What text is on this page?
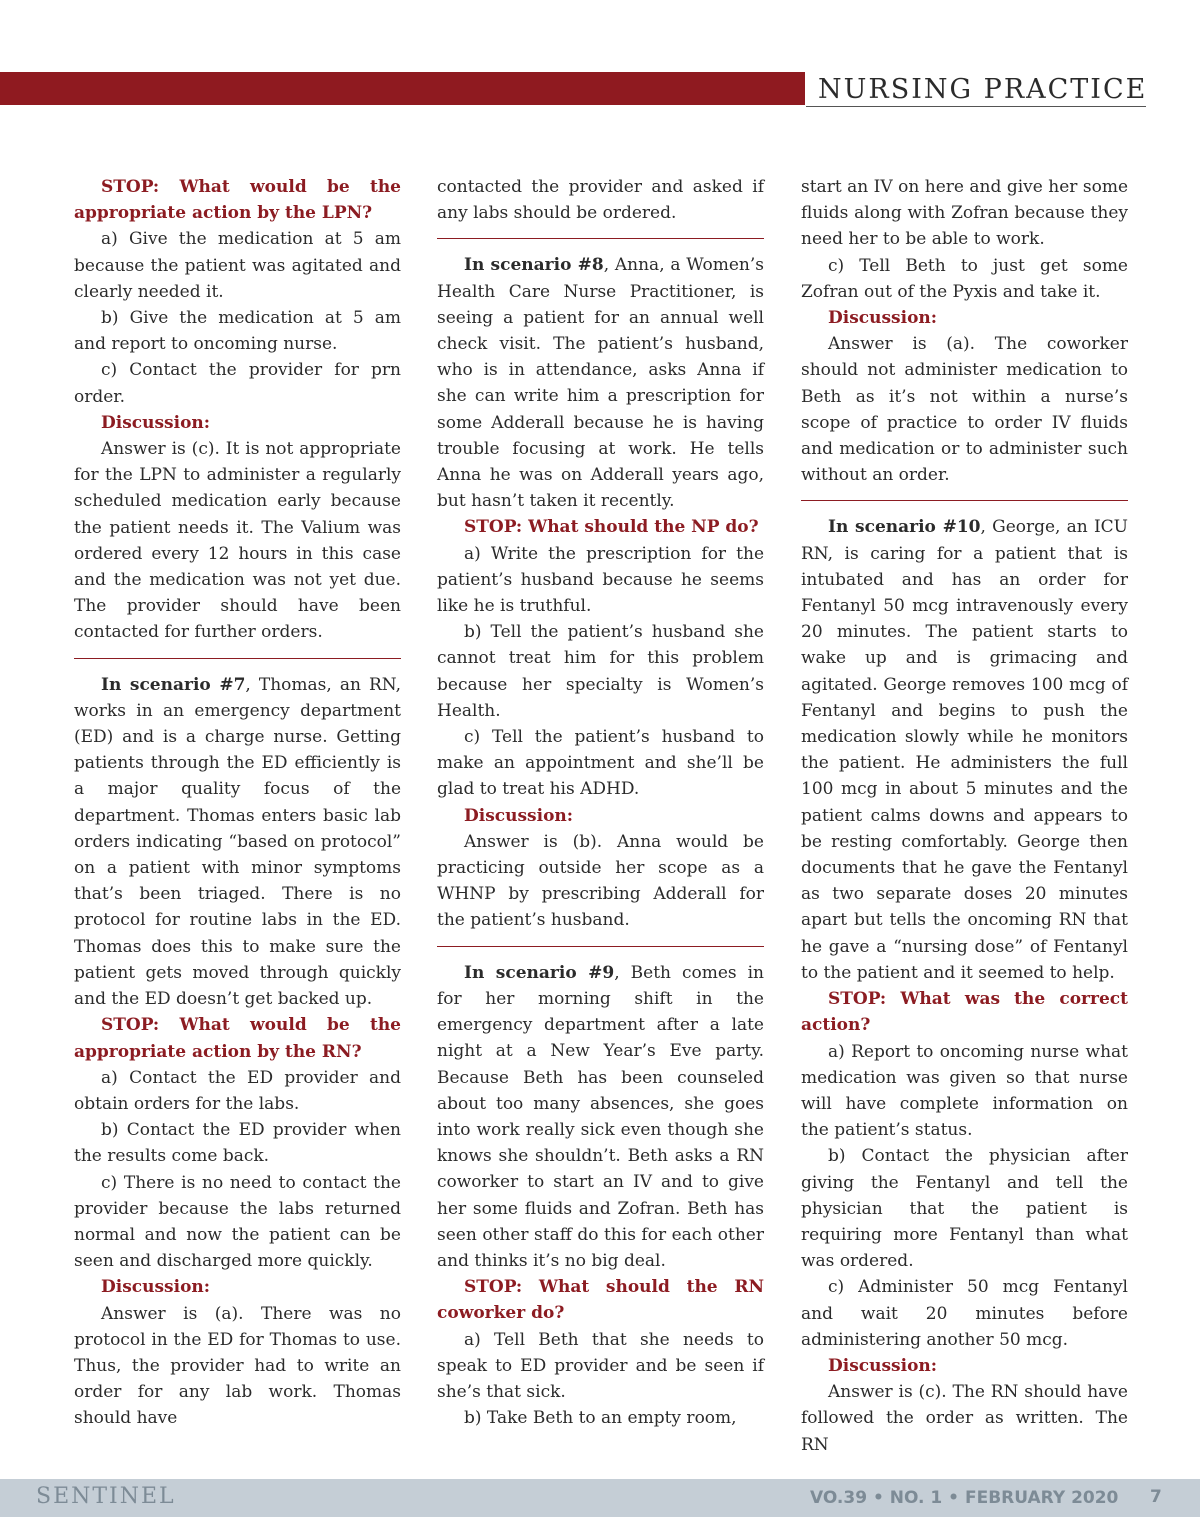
NURSING PRACTICE

STOP: What would be the appropriate action by the LPN?

a) Give the medication at 5 am because the patient was agitated and clearly needed it.

b) Give the medication at 5 am and report to oncoming nurse.

c) Contact the provider for prn order.

Discussion:

Answer is (c). It is not appropriate for the LPN to administer a regularly scheduled medication early because the patient needs it. The Valium was ordered every 12 hours in this case and the medication was not yet due. The provider should have been contacted for further orders.

In scenario #7, Thomas, an RN, works in an emergency department (ED) and is a charge nurse. Getting patients through the ED efficiently is a major quality focus of the department. Thomas enters basic lab orders indicating “based on protocol” on a patient with minor symptoms that’s been triaged. There is no protocol for routine labs in the ED. Thomas does this to make sure the patient gets moved through quickly and the ED doesn’t get backed up.

STOP: What would be the appropriate action by the RN?

a) Contact the ED provider and obtain orders for the labs.

b) Contact the ED provider when the results come back.

c) There is no need to contact the provider because the labs returned normal and now the patient can be seen and discharged more quickly.

Discussion:

Answer is (a). There was no protocol in the ED for Thomas to use. Thus, the provider had to write an order for any lab work. Thomas should have

contacted the provider and asked if any labs should be ordered.

In scenario #8, Anna, a Women’s Health Care Nurse Practitioner, is seeing a patient for an annual well check visit. The patient’s husband, who is in attendance, asks Anna if she can write him a prescription for some Adderall because he is having trouble focusing at work. He tells Anna he was on Adderall years ago, but hasn’t taken it recently.

STOP: What should the NP do?

a) Write the prescription for the patient’s husband because he seems like he is truthful.

b) Tell the patient’s husband she cannot treat him for this problem because her specialty is Women’s Health.

c) Tell the patient’s husband to make an appointment and she’ll be glad to treat his ADHD.

Discussion:

Answer is (b). Anna would be practicing outside her scope as a WHNP by prescribing Adderall for the patient’s husband.

In scenario #9, Beth comes in for her morning shift in the emergency department after a late night at a New Year’s Eve party. Because Beth has been counseled about too many absences, she goes into work really sick even though she knows she shouldn’t. Beth asks a RN coworker to start an IV and to give her some fluids and Zofran. Beth has seen other staff do this for each other and thinks it’s no big deal.

STOP: What should the RN coworker do?

a) Tell Beth that she needs to speak to ED provider and be seen if she’s that sick.

b) Take Beth to an empty room,

start an IV on here and give her some fluids along with Zofran because they need her to be able to work.

c) Tell Beth to just get some Zofran out of the Pyxis and take it.

Discussion:

Answer is (a). The coworker should not administer medication to Beth as it’s not within a nurse’s scope of practice to order IV fluids and medication or to administer such without an order.

In scenario #10, George, an ICU RN, is caring for a patient that is intubated and has an order for Fentanyl 50 mcg intravenously every 20 minutes. The patient starts to wake up and is grimacing and agitated. George removes 100 mcg of Fentanyl and begins to push the medication slowly while he monitors the patient. He administers the full 100 mcg in about 5 minutes and the patient calms downs and appears to be resting comfortably. George then documents that he gave the Fentanyl as two separate doses 20 minutes apart but tells the oncoming RN that he gave a “nursing dose” of Fentanyl to the patient and it seemed to help.

STOP: What was the correct action?

a) Report to oncoming nurse what medication was given so that nurse will have complete information on the patient’s status.

b) Contact the physician after giving the Fentanyl and tell the physician that the patient is requiring more Fentanyl than what was ordered.

c) Administer 50 mcg Fentanyl and wait 20 minutes before administering another 50 mcg.

Discussion:

Answer is (c). The RN should have followed the order as written. The RN

SENTINEL	VO.39 • NO. 1 • FEBRUARY 2020 7
